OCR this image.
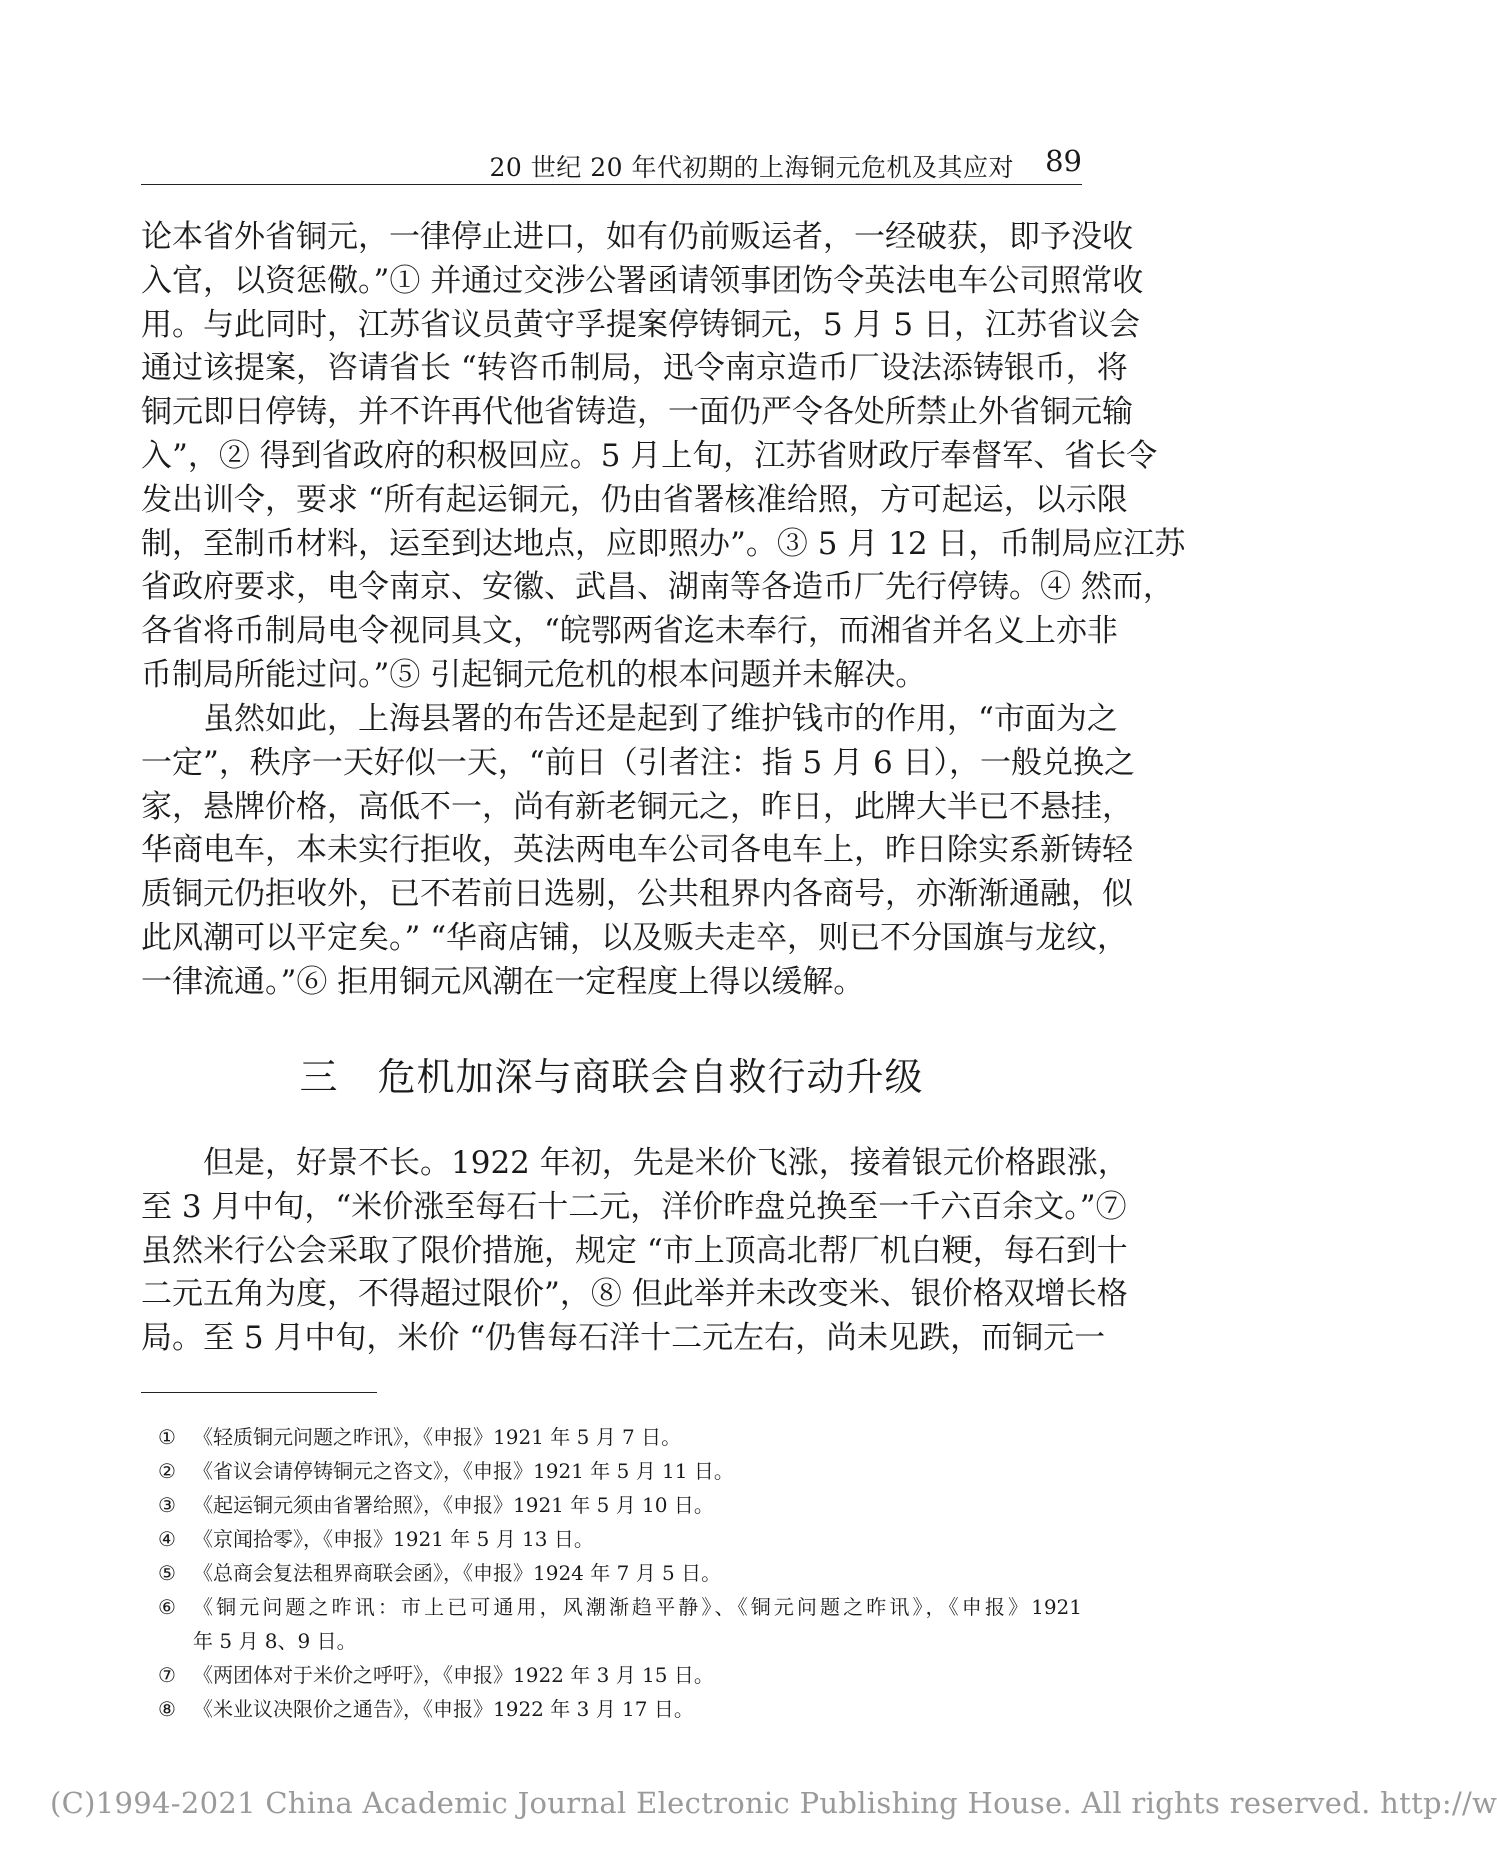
20 世纪 20 年代初期的上海铜元危机及其应对 89
论本省外省铜元，一律停止进口，如有仍前贩运者，一经破获，即予没收
入官，以资惩儆。”① 并通过交涉公署函请领事团饬令英法电车公司照常收
用。与此同时，江苏省议员黄守孚提案停铸铜元，5 月 5 日，江苏省议会
通过该提案，咨请省长 “转咨币制局，迅令南京造币厂设法添铸银币，将
铜元即日停铸，并不许再代他省铸造，一面仍严令各处所禁止外省铜元输
入”，② 得到省政府的积极回应。5 月上旬，江苏省财政厅奉督军、省长令
发出训令，要求 “所有起运铜元，仍由省署核准给照，方可起运，以示限
制，至制币材料，运至到达地点，应即照办”。③ 5 月 12 日，币制局应江苏
省政府要求，电令南京、安徽、武昌、湖南等各造币厂先行停铸。④ 然而，
各省将币制局电令视同具文，“皖鄂两省迄未奉行，而湘省并名义上亦非
币制局所能过问。”⑤ 引起铜元危机的根本问题并未解决。
虽然如此，上海县署的布告还是起到了维护钱市的作用，“市面为之
一定”，秩序一天好似一天，“前日（引者注：指 5 月 6 日），一般兑换之
家，悬牌价格，高低不一，尚有新老铜元之，昨日，此牌大半已不悬挂，
华商电车，本未实行拒收，英法两电车公司各电车上，昨日除实系新铸轻
质铜元仍拒收外，已不若前日选剔，公共租界内各商号，亦渐渐通融，似
此风潮可以平定矣。” “华商店铺，以及贩夫走卒，则已不分国旗与龙纹，
一律流通。”⑥ 拒用铜元风潮在一定程度上得以缓解。
三　危机加深与商联会自救行动升级
但是，好景不长。1922 年初，先是米价飞涨，接着银元价格跟涨，
至 3 月中旬，“米价涨至每石十二元，洋价昨盘兑换至一千六百余文。”⑦
虽然米行公会采取了限价措施，规定 “市上顶高北帮厂机白粳，每石到十
二元五角为度，不得超过限价”，⑧ 但此举并未改变米、银价格双增长格
局。至 5 月中旬，米价 “仍售每石洋十二元左右，尚未见跌，而铜元一
① 《轻质铜元问题之昨讯》，《申报》1921 年 5 月 7 日。
② 《省议会请停铸铜元之咨文》，《申报》1921 年 5 月 11 日。
③ 《起运铜元须由省署给照》，《申报》1921 年 5 月 10 日。
④ 《京闻拾零》，《申报》1921 年 5 月 13 日。
⑤ 《总商会复法租界商联会函》，《申报》1924 年 7 月 5 日。
⑥ 《铜元问题之昨讯：市上已可通用，风潮渐趋平静》、《铜元问题之昨讯》，《申报》1921
年 5 月 8、9 日。
⑦ 《两团体对于米价之呼吁》，《申报》1922 年 3 月 15 日。
⑧ 《米业议决限价之通告》，《申报》1922 年 3 月 17 日。
(C)1994-2021 China Academic Journal Electronic Publishing House. All rights reserved. http://w
